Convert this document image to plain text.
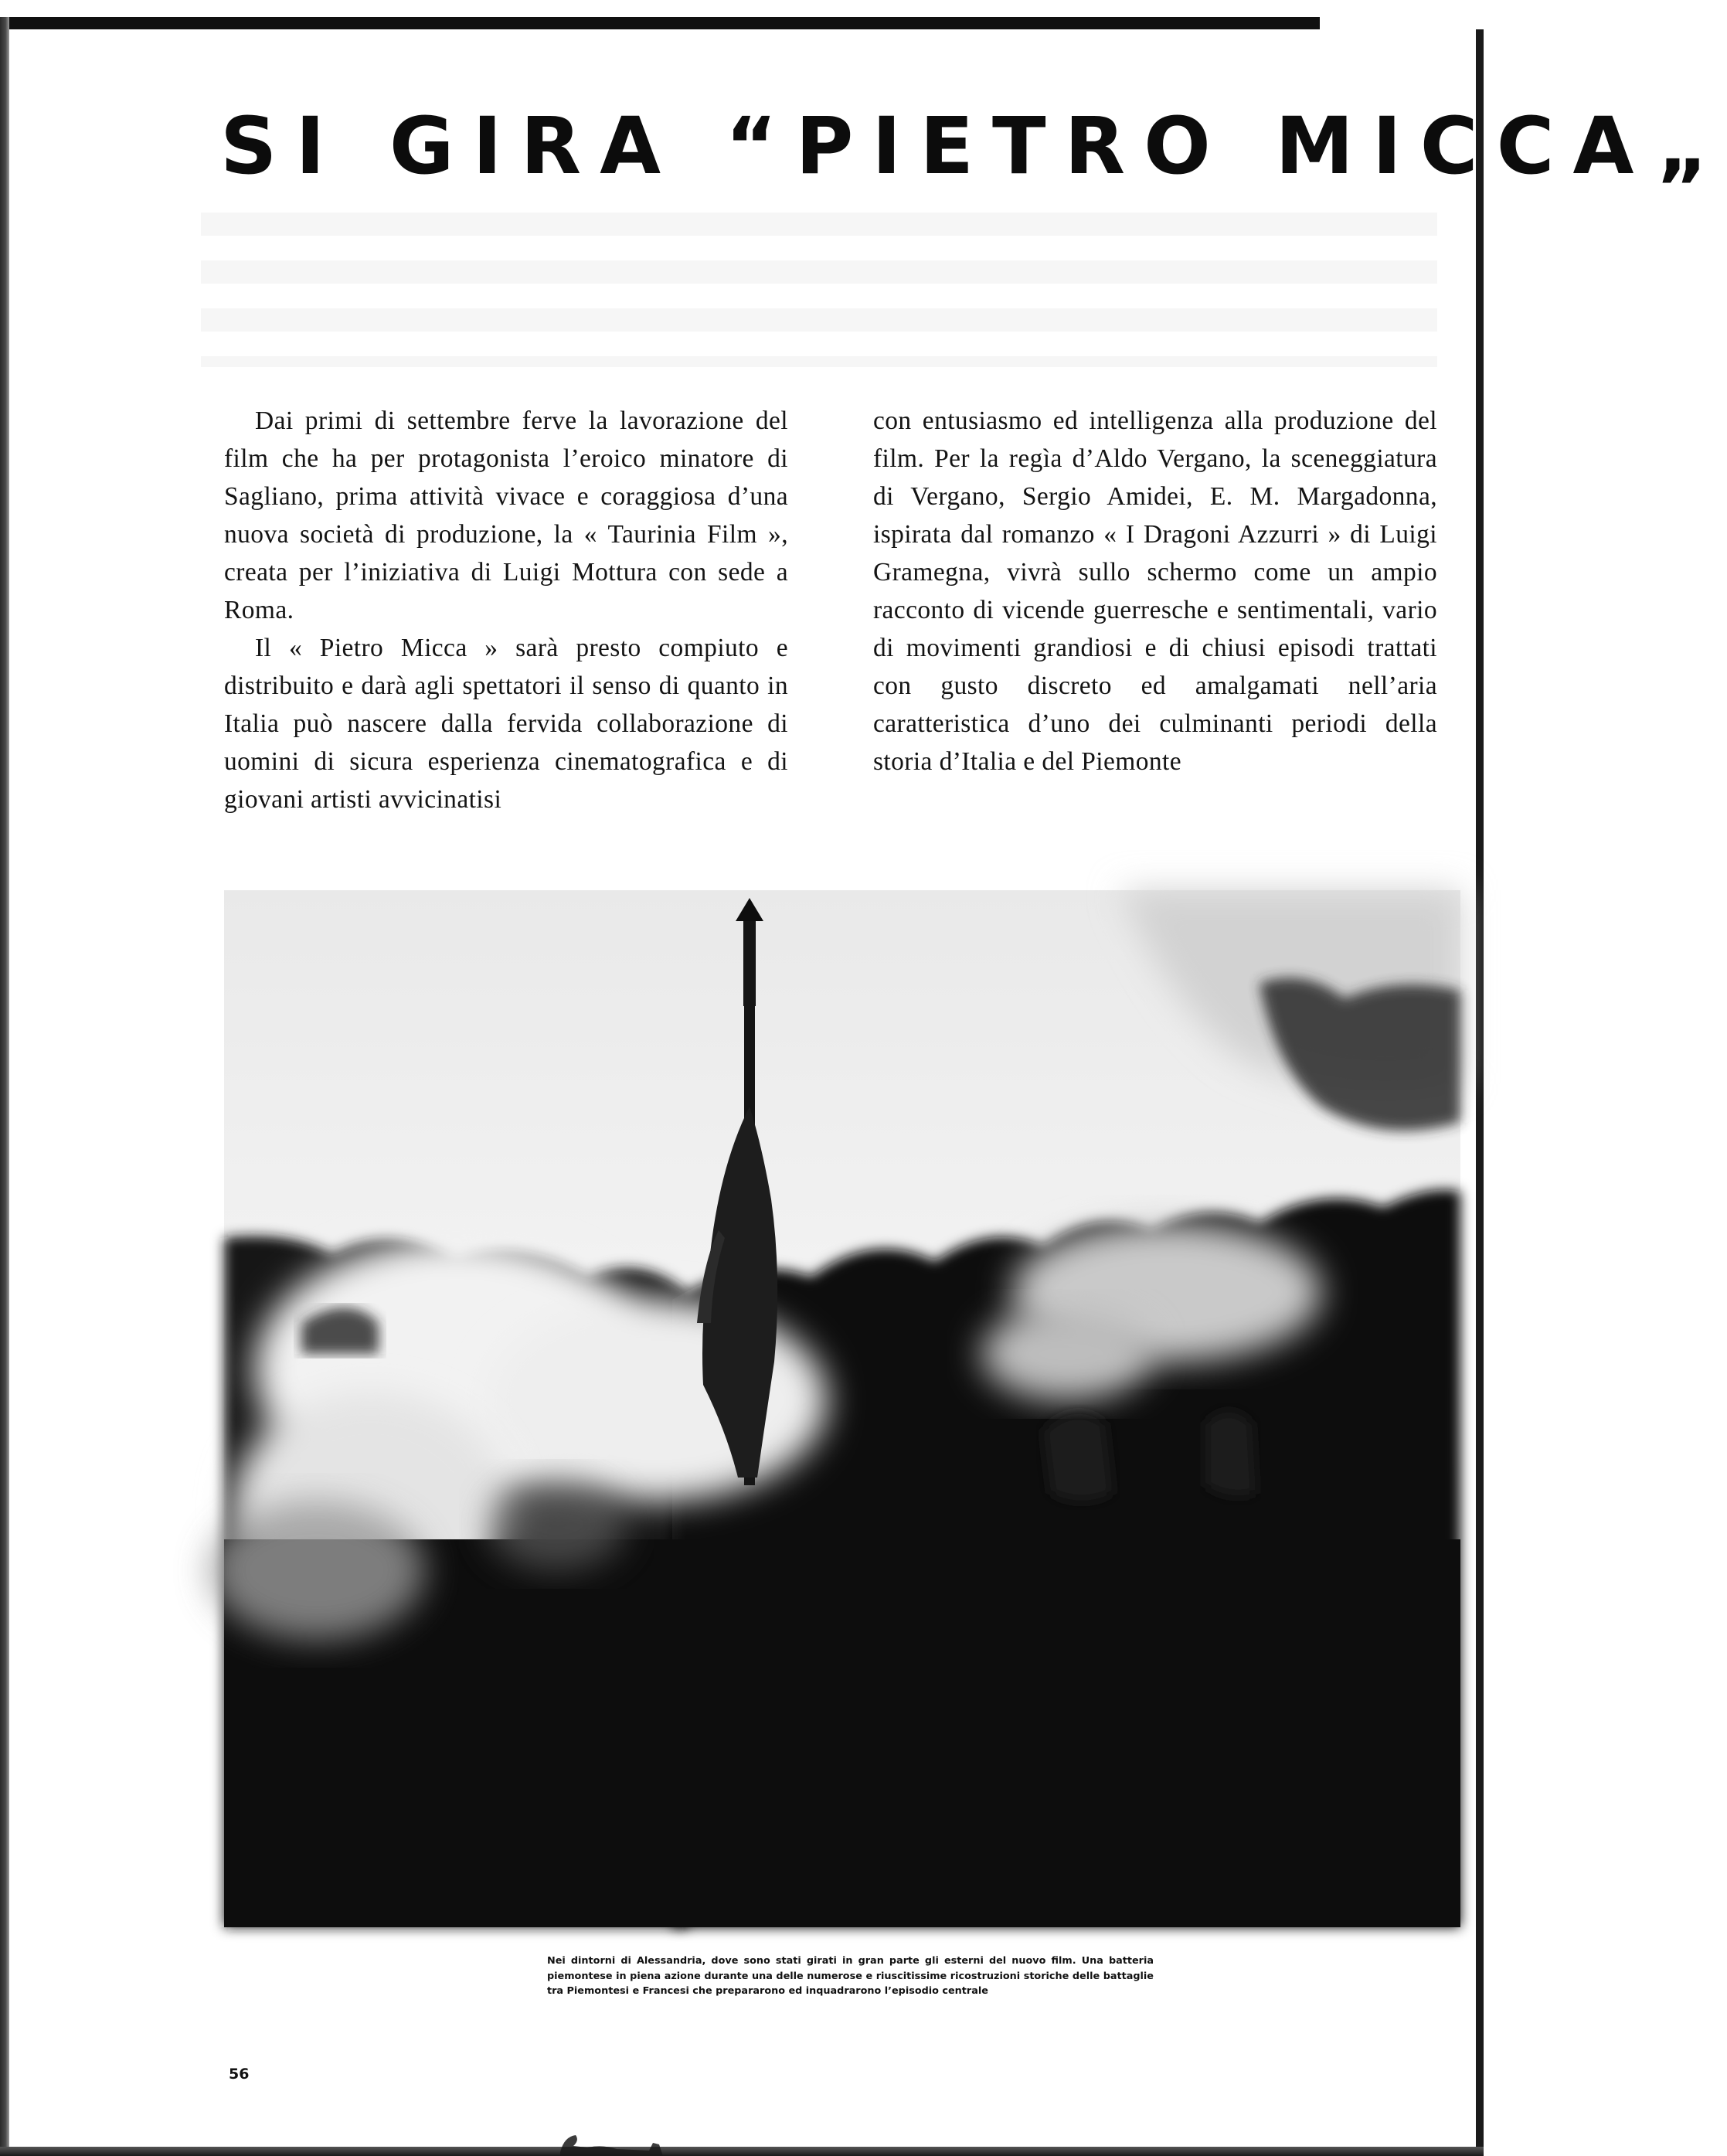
SI GIRA “PIETRO MICCA„

Dai primi di settembre ferve la lavorazione del film che ha per protagonista l’eroico minatore di Sagliano, prima attività vivace e coraggiosa d’una nuova società di produzione, la « Taurinia Film », creata per l’iniziativa di Luigi Mottura con sede a Roma.

Il « Pietro Micca » sarà presto compiuto e distribuito e darà agli spettatori il senso di quanto in Italia può nascere dalla fervida collaborazione di uomini di sicura esperienza cinematografica e di giovani artisti avvicinatisi

con entusiasmo ed intelligenza alla produzione del film. Per la regìa d’Aldo Vergano, la sceneggiatura di Vergano, Sergio Amidei, E. M. Margadonna, ispirata dal romanzo « I Dragoni Azzurri » di Luigi Gramegna, vivrà sullo schermo come un ampio racconto di vicende guerresche e sentimentali, vario di movimenti grandiosi e di chiusi episodi trattati con gusto discreto ed amalgamati nell’aria caratteristica d’uno dei culminanti periodi della storia d’Italia e del Piemonte

Nei dintorni di Alessandria, dove sono stati girati in gran parte gli esterni del nuovo film. Una batteria piemontese in piena azione durante una delle numerose e riuscitissime ricostruzioni storiche delle battaglie tra Piemontesi e Francesi che prepararono ed inquadrarono l’episodio centrale

56
